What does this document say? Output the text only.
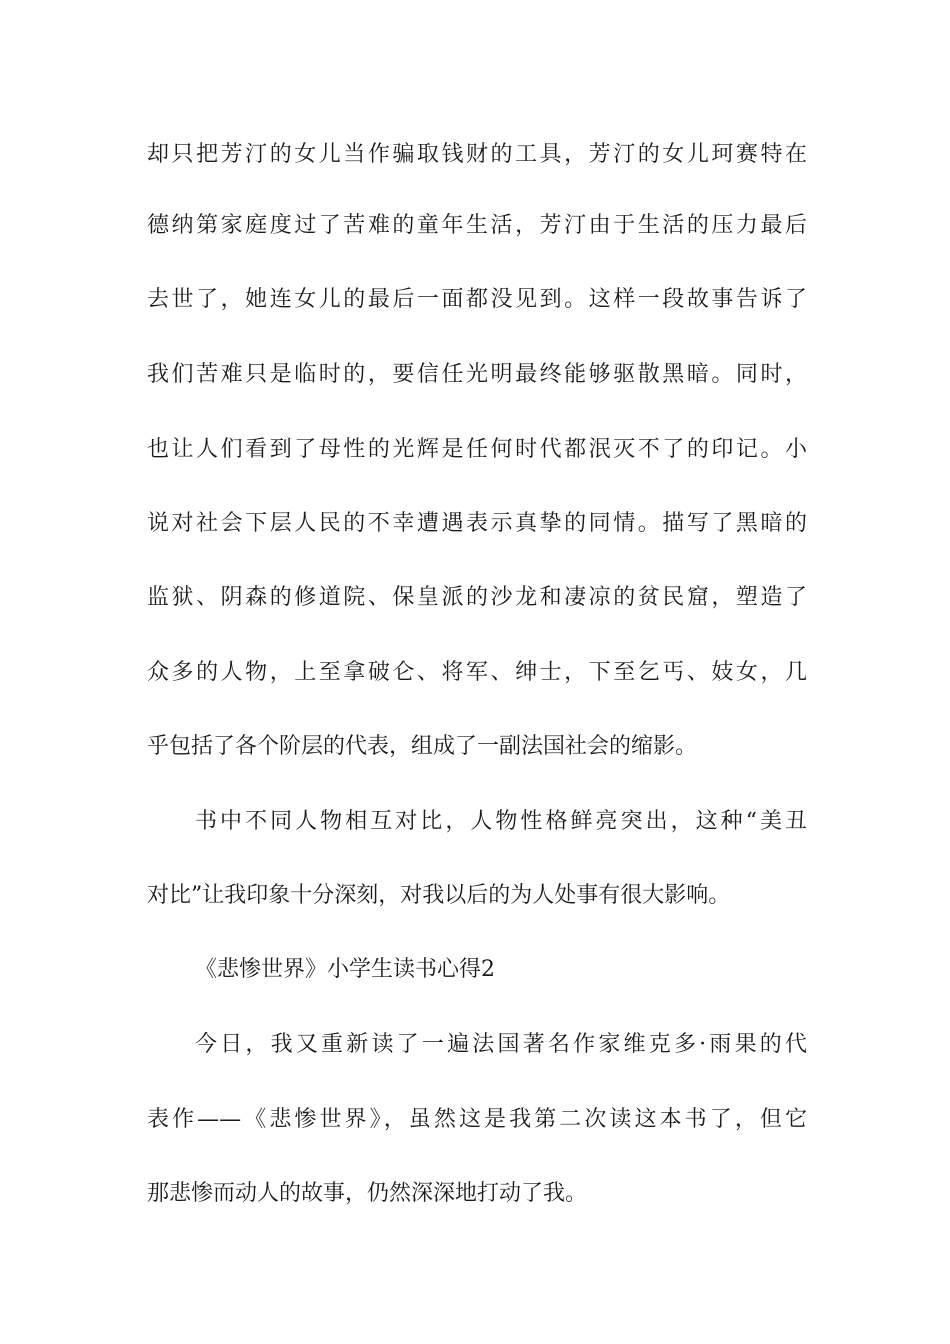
却只把芳汀的女儿当作骗取钱财的工具，芳汀的女儿珂赛特在
德纳第家庭度过了苦难的童年生活，芳汀由于生活的压力最后
去世了，她连女儿的最后一面都没见到。这样一段故事告诉了
我们苦难只是临时的，要信任光明最终能够驱散黑暗。同时，
也让人们看到了母性的光辉是任何时代都泯灭不了的印记。小
说对社会下层人民的不幸遭遇表示真挚的同情。描写了黑暗的
监狱、阴森的修道院、保皇派的沙龙和凄凉的贫民窟，塑造了
众多的人物，上至拿破仑、将军、绅士，下至乞丐、妓女，几
乎包括了各个阶层的代表，组成了一副法国社会的缩影。
书中不同人物相互对比，人物性格鲜亮突出，这种“美丑
对比”让我印象十分深刻，对我以后的为人处事有很大影响。
《悲惨世界》小学生读书心得2
今日，我又重新读了一遍法国著名作家维克多·雨果的代
表作——《悲惨世界》，虽然这是我第二次读这本书了，但它
那悲惨而动人的故事，仍然深深地打动了我。
